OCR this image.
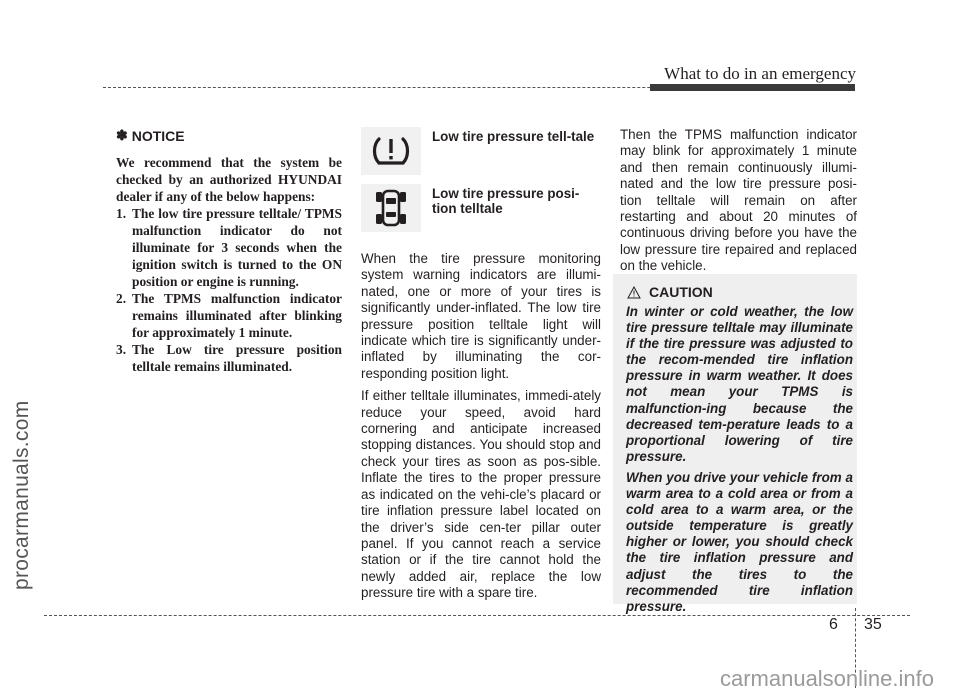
What to do in an emergency
✽ NOTICE
We recommend that the system be checked by an authorized HYUNDAI dealer if any of the below happens:
1. The low tire pressure telltale/ TPMS malfunction indicator do not illuminate for 3 seconds when the ignition switch is turned to the ON position or engine is running.
2. The TPMS malfunction indicator remains illuminated after blinking for approximately 1 minute.
3. The Low tire pressure position telltale remains illuminated.
Low tire pressure tell-tale
Low tire pressure posi-tion telltale

When the tire pressure monitoring system warning indicators are illumi-nated, one or more of your tires is significantly under-inflated. The low tire pressure position telltale light will indicate which tire is significantly under-inflated by illuminating the cor-responding position light.

If either telltale illuminates, immedi-ately reduce your speed, avoid hard cornering and anticipate increased stopping distances. You should stop and check your tires as soon as pos-sible. Inflate the tires to the proper pressure as indicated on the vehi-cle’s placard or tire inflation pressure label located on the driver’s side cen-ter pillar outer panel. If you cannot reach a service station or if the tire cannot hold the newly added air, replace the low pressure tire with a spare tire.

Then the TPMS malfunction indicator may blink for approximately 1 minute and then remain continuously illumi-nated and the low tire pressure posi-tion telltale will remain on after restarting and about 20 minutes of continuous driving before you have the low pressure tire repaired and replaced on the vehicle.

CAUTION

In winter or cold weather, the low tire pressure telltale may illuminate if the tire pressure was adjusted to the recom-mended tire inflation pressure in warm weather. It does not mean your TPMS is malfunction-ing because the decreased tem-perature leads to a proportional lowering of tire pressure.

When you drive your vehicle from a warm area to a cold area or from a cold area to a warm area, or the outside temperature is greatly higher or lower, you should check the tire inflation pressure and adjust the tires to the recommended tire inflation pressure.

6 35
procarmanuals.com
carmanualsonline.info
